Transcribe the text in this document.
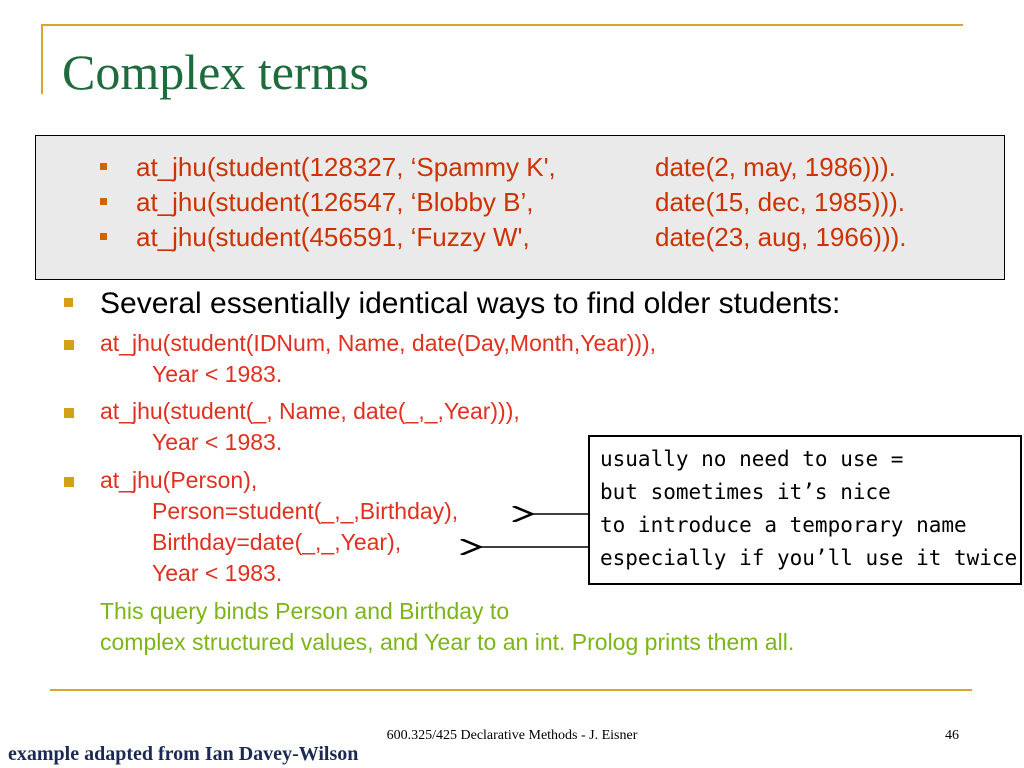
Complex terms
at_jhu(student(128327, ‘Spammy K',	date(2, may, 1986))).
at_jhu(student(126547, ‘Blobby B’,	date(15, dec, 1985))).
at_jhu(student(456591, ‘Fuzzy W',	date(23, aug, 1966))).
Several essentially identical ways to find older students:
at_jhu(student(IDNum, Name, date(Day,Month,Year))),
Year < 1983.
at_jhu(student(_, Name, date(_,_,Year))),
Year < 1983.
at_jhu(Person),
Person=student(_,_,Birthday),
Birthday=date(_,_,Year),
Year < 1983.
This query binds Person and Birthday to
complex structured values, and Year to an int. Prolog prints them all.
usually no need to use =
but sometimes it’s nice
to introduce a temporary name
especially if you’ll use it twice
600.325/425 Declarative Methods - J. Eisner	46
example adapted from Ian Davey-Wilson
